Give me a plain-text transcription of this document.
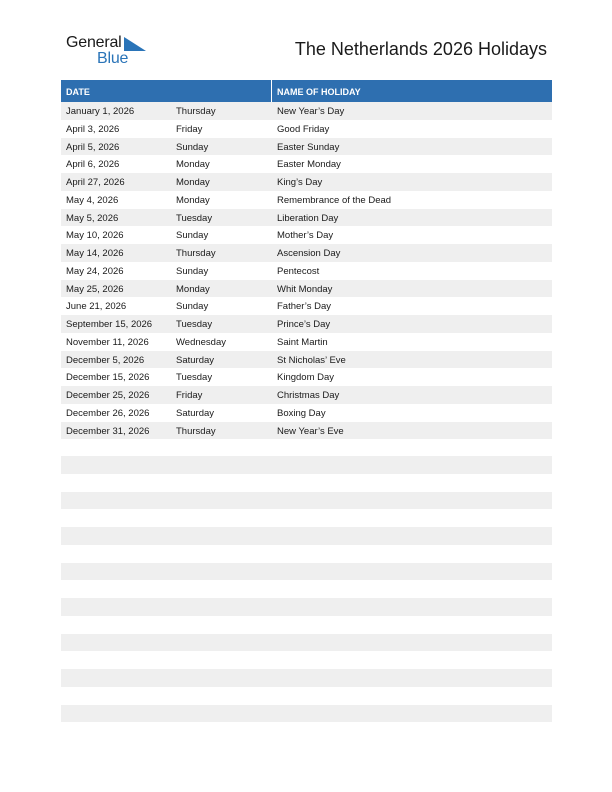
General
Blue	The Netherlands 2026 Holidays
DATE	NAME OF HOLIDAY
January 1, 2026	Thursday	New Year’s Day
April 3, 2026	Friday	Good Friday
April 5, 2026	Sunday	Easter Sunday
April 6, 2026	Monday	Easter Monday
April 27, 2026	Monday	King’s Day
May 4, 2026	Monday	Remembrance of the Dead
May 5, 2026	Tuesday	Liberation Day
May 10, 2026	Sunday	Mother’s Day
May 14, 2026	Thursday	Ascension Day
May 24, 2026	Sunday	Pentecost
May 25, 2026	Monday	Whit Monday
June 21, 2026	Sunday	Father’s Day
September 15, 2026	Tuesday	Prince’s Day
November 11, 2026	Wednesday	Saint Martin
December 5, 2026	Saturday	St Nicholas’ Eve
December 15, 2026	Tuesday	Kingdom Day
December 25, 2026	Friday	Christmas Day
December 26, 2026	Saturday	Boxing Day
December 31, 2026	Thursday	New Year’s Eve
